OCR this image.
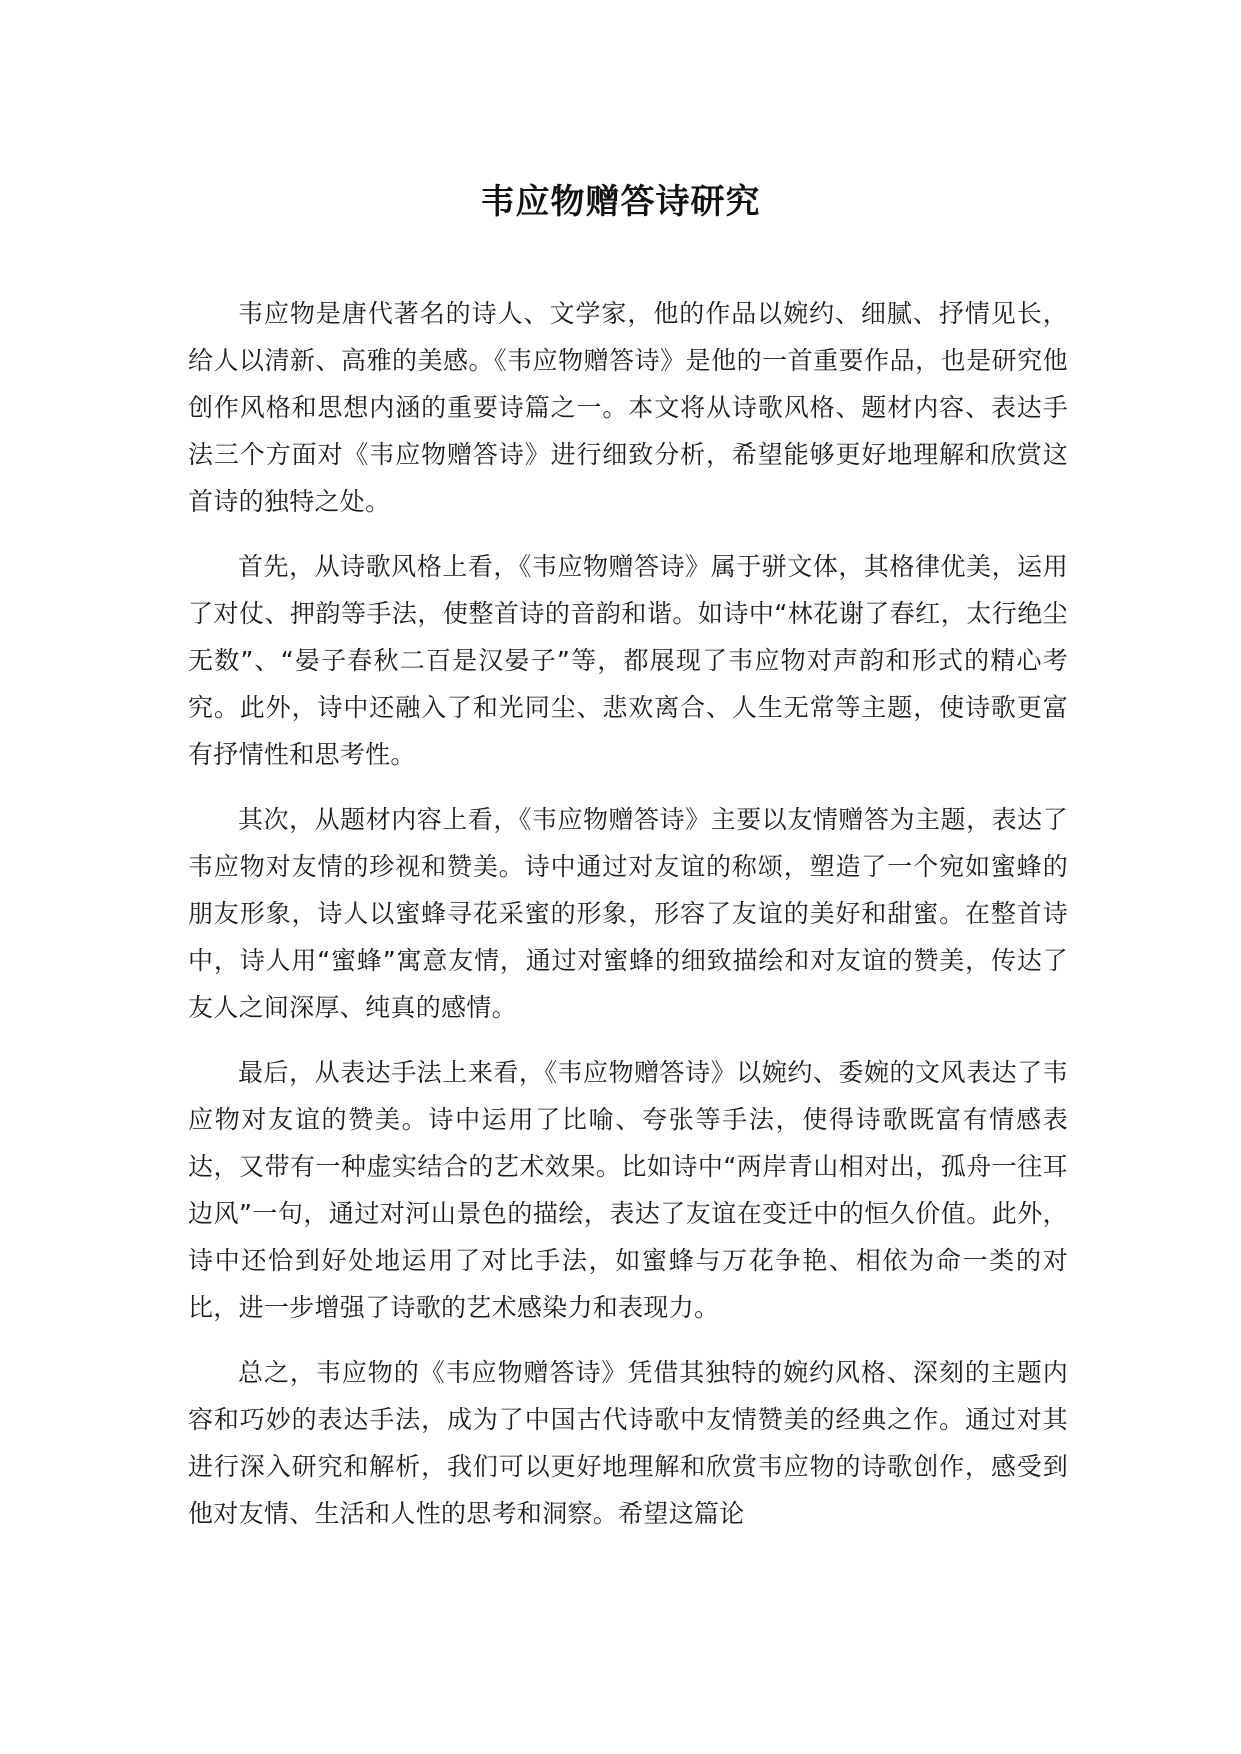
韦应物赠答诗研究

韦应物是唐代著名的诗人、文学家，他的作品以婉约、细腻、抒情见长，给人以清新、高雅的美感。《韦应物赠答诗》是他的一首重要作品，也是研究他创作风格和思想内涵的重要诗篇之一。本文将从诗歌风格、题材内容、表达手法三个方面对《韦应物赠答诗》进行细致分析，希望能够更好地理解和欣赏这首诗的独特之处。

首先，从诗歌风格上看，《韦应物赠答诗》属于骈文体，其格律优美，运用了对仗、押韵等手法，使整首诗的音韵和谐。如诗中“林花谢了春红，太行绝尘无数”、“晏子春秋二百是汉晏子”等，都展现了韦应物对声韵和形式的精心考究。此外，诗中还融入了和光同尘、悲欢离合、人生无常等主题，使诗歌更富有抒情性和思考性。

其次，从题材内容上看，《韦应物赠答诗》主要以友情赠答为主题，表达了韦应物对友情的珍视和赞美。诗中通过对友谊的称颂，塑造了一个宛如蜜蜂的朋友形象，诗人以蜜蜂寻花采蜜的形象，形容了友谊的美好和甜蜜。在整首诗中，诗人用“蜜蜂”寓意友情，通过对蜜蜂的细致描绘和对友谊的赞美，传达了友人之间深厚、纯真的感情。

最后，从表达手法上来看，《韦应物赠答诗》以婉约、委婉的文风表达了韦应物对友谊的赞美。诗中运用了比喻、夸张等手法，使得诗歌既富有情感表达，又带有一种虚实结合的艺术效果。比如诗中“两岸青山相对出，孤舟一往耳边风”一句，通过对河山景色的描绘，表达了友谊在变迁中的恒久价值。此外，诗中还恰到好处地运用了对比手法，如蜜蜂与万花争艳、相依为命一类的对比，进一步增强了诗歌的艺术感染力和表现力。

总之，韦应物的《韦应物赠答诗》凭借其独特的婉约风格、深刻的主题内容和巧妙的表达手法，成为了中国古代诗歌中友情赞美的经典之作。通过对其进行深入研究和解析，我们可以更好地理解和欣赏韦应物的诗歌创作，感受到他对友情、生活和人性的思考和洞察。希望这篇论
